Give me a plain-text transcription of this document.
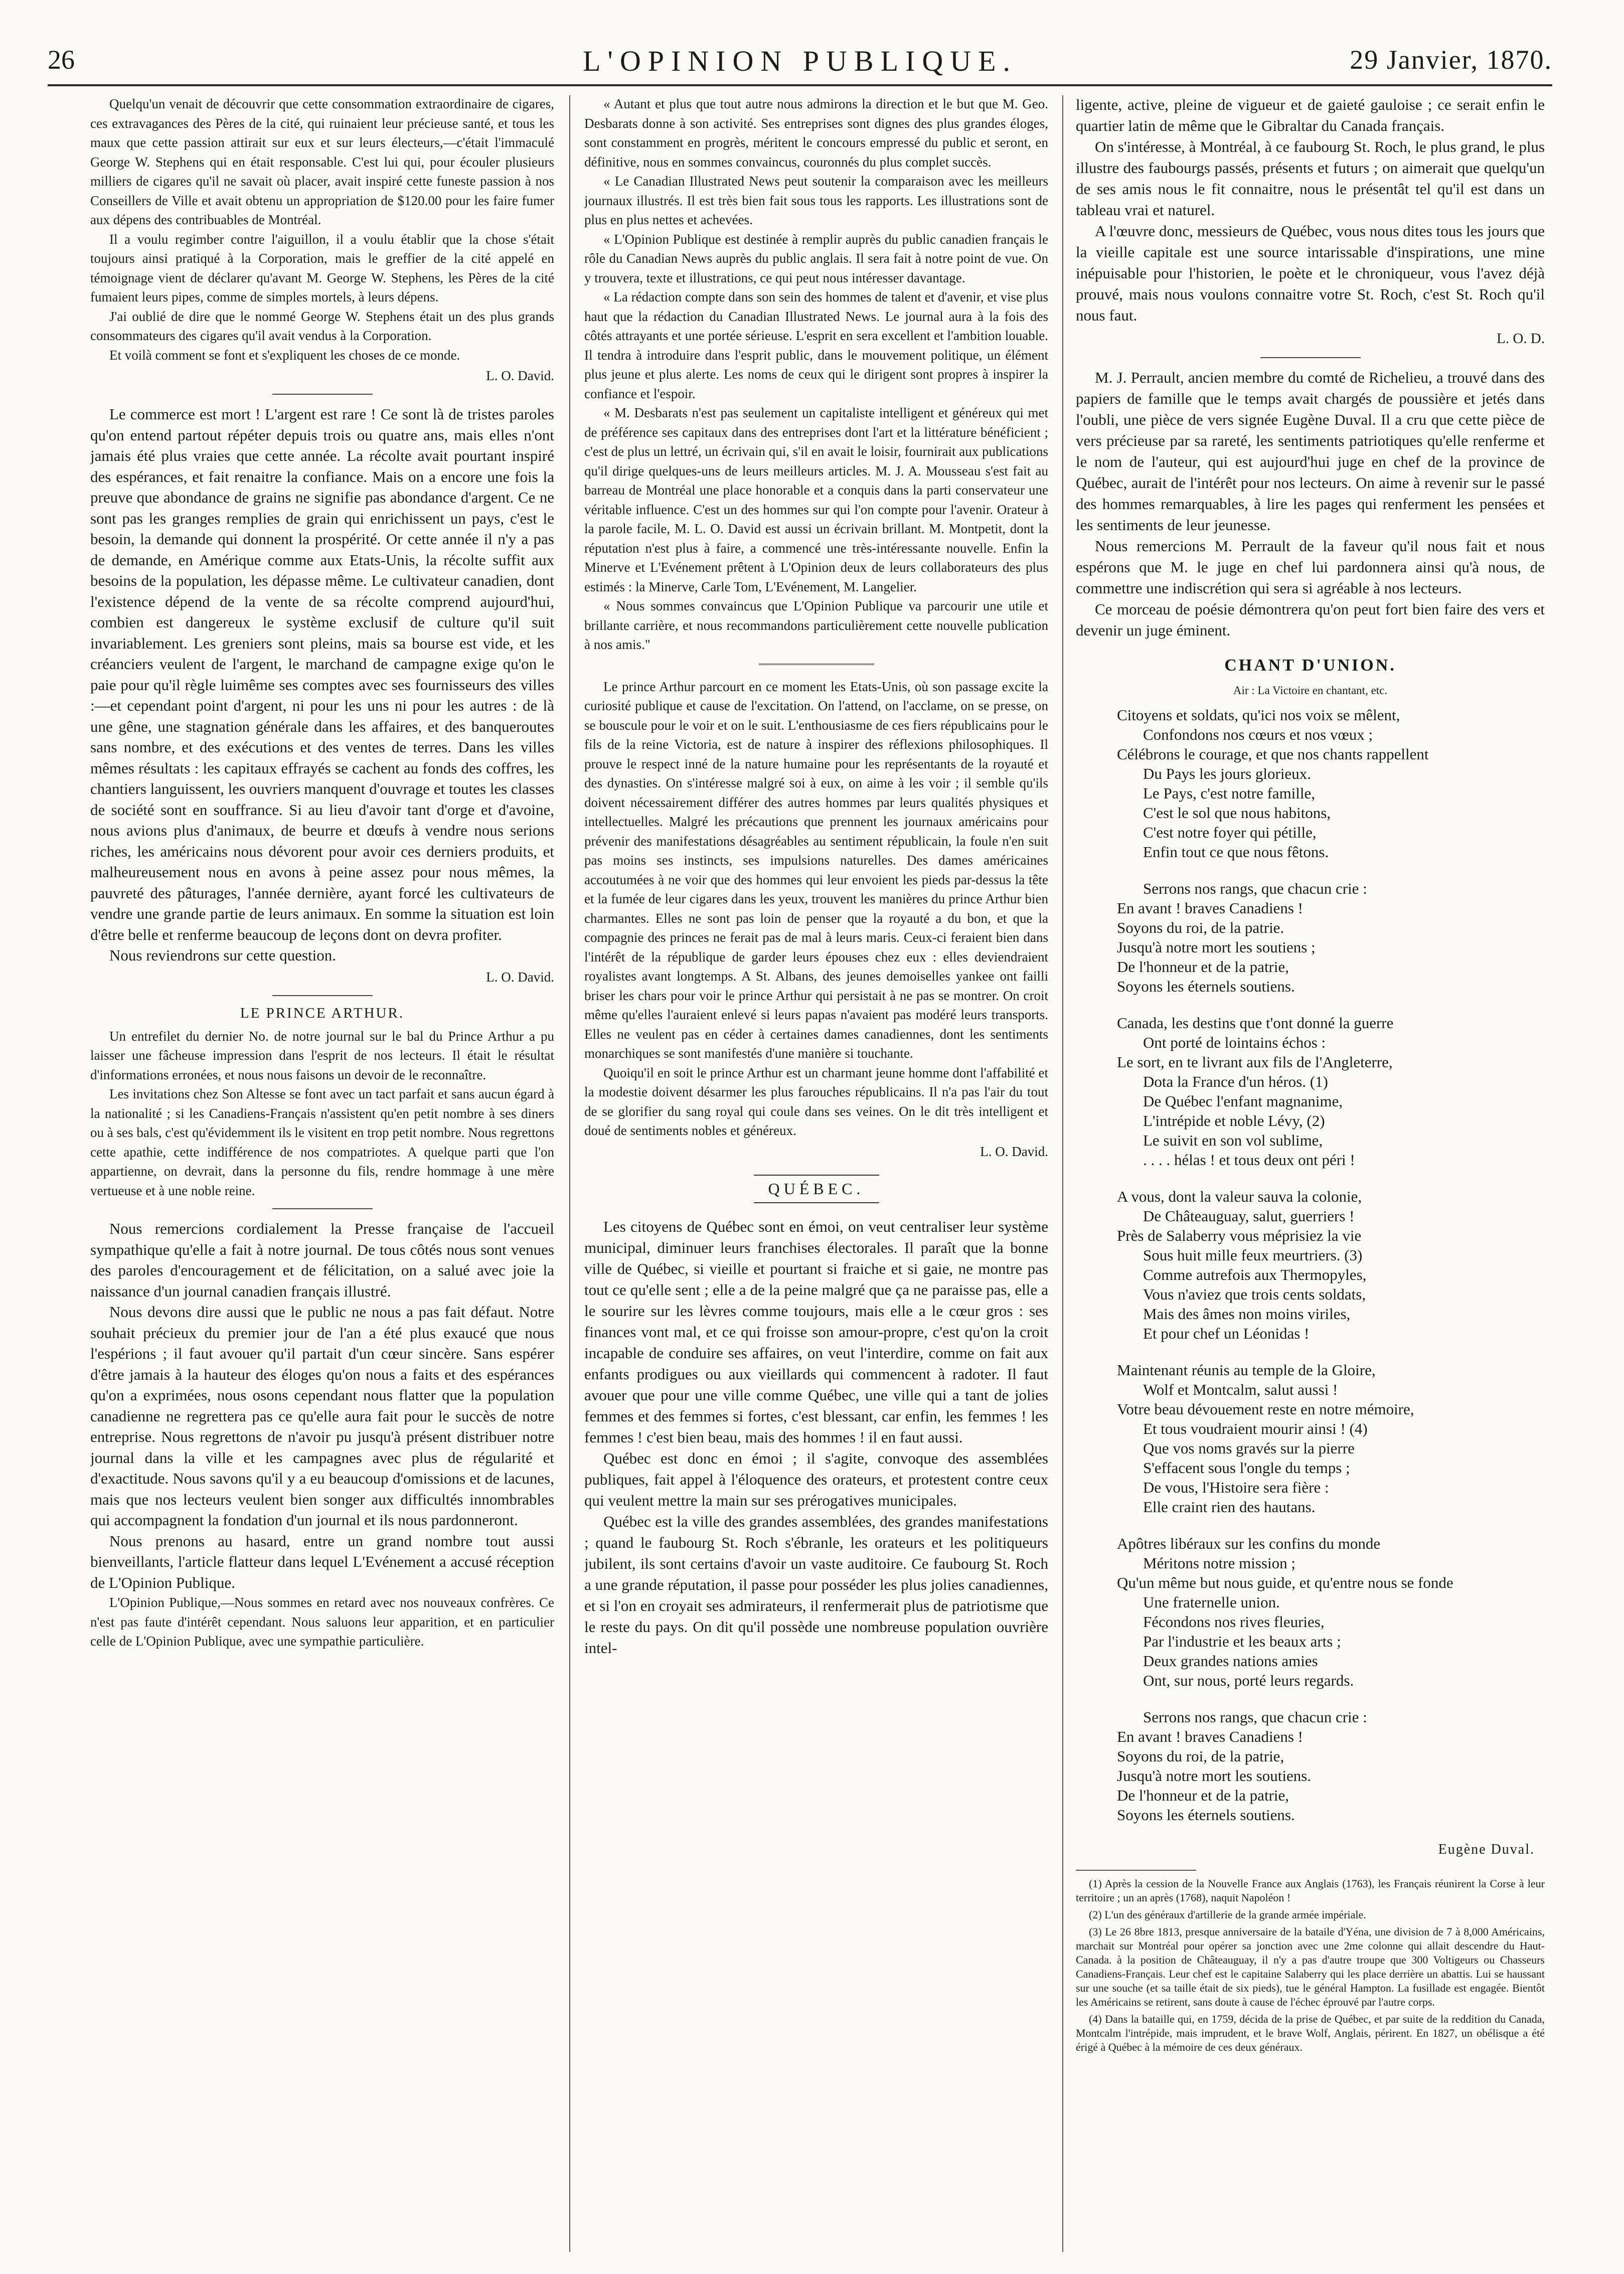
26	L'OPINION PUBLIQUE.	29 Janvier, 1870.

Quelqu'un venait de découvrir que cette consommation extraordinaire de cigares, ces extravagances des Pères de la cité, qui ruinaient leur précieuse santé, et tous les maux que cette passion attirait sur eux et sur leurs électeurs,—c'était l'immaculé George W. Stephens qui en était responsable. C'est lui qui, pour écouler plusieurs milliers de cigares qu'il ne savait où placer, avait inspiré cette funeste passion à nos Conseillers de Ville et avait obtenu un appropriation de $120.00 pour les faire fumer aux dépens des contribuables de Montréal.

Il a voulu regimber contre l'aiguillon, il a voulu établir que la chose s'était toujours ainsi pratiqué à la Corporation, mais le greffier de la cité appelé en témoignage vient de déclarer qu'avant M. George W. Stephens, les Pères de la cité fumaient leurs pipes, comme de simples mortels, à leurs dépens.

J'ai oublié de dire que le nommé George W. Stephens était un des plus grands consommateurs des cigares qu'il avait vendus à la Corporation.

Et voilà comment se font et s'expliquent les choses de ce monde.

L. O. David.

Le commerce est mort ! L'argent est rare ! Ce sont là de tristes paroles qu'on entend partout répéter depuis trois ou quatre ans, mais elles n'ont jamais été plus vraies que cette année. La récolte avait pourtant inspiré des espérances, et fait renaitre la confiance. Mais on a encore une fois la preuve que abondance de grains ne signifie pas abondance d'argent. Ce ne sont pas les granges remplies de grain qui enrichissent un pays, c'est le besoin, la demande qui donnent la prospérité. Or cette année il n'y a pas de demande, en Amérique comme aux Etats-Unis, la récolte suffit aux besoins de la population, les dépasse même. Le cultivateur canadien, dont l'existence dépend de la vente de sa récolte comprend aujourd'hui, combien est dangereux le système exclusif de culture qu'il suit invariablement. Les greniers sont pleins, mais sa bourse est vide, et les créanciers veulent de l'argent, le marchand de campagne exige qu'on le paie pour qu'il règle luimême ses comptes avec ses fournisseurs des villes :—et cependant point d'argent, ni pour les uns ni pour les autres : de là une gêne, une stagnation générale dans les affaires, et des banqueroutes sans nombre, et des exécutions et des ventes de terres. Dans les villes mêmes résultats : les capitaux effrayés se cachent au fonds des coffres, les chantiers languissent, les ouvriers manquent d'ouvrage et toutes les classes de société sont en souffrance. Si au lieu d'avoir tant d'orge et d'avoine, nous avions plus d'animaux, de beurre et dœufs à vendre nous serions riches, les américains nous dévorent pour avoir ces derniers produits, et malheureusement nous en avons à peine assez pour nous mêmes, la pauvreté des pâturages, l'année dernière, ayant forcé les cultivateurs de vendre une grande partie de leurs animaux. En somme la situation est loin d'être belle et renferme beaucoup de leçons dont on devra profiter.

Nous reviendrons sur cette question.

L. O. David.
LE PRINCE ARTHUR.

Un entrefilet du dernier No. de notre journal sur le bal du Prince Arthur a pu laisser une fâcheuse impression dans l'esprit de nos lecteurs. Il était le résultat d'informations erronées, et nous nous faisons un devoir de le reconnaître.

Les invitations chez Son Altesse se font avec un tact parfait et sans aucun égard à la nationalité ; si les Canadiens-Français n'assistent qu'en petit nombre à ses diners ou à ses bals, c'est qu'évidemment ils le visitent en trop petit nombre. Nous regrettons cette apathie, cette indifférence de nos compatriotes. A quelque parti que l'on appartienne, on devrait, dans la personne du fils, rendre hommage à une mère vertueuse et à une noble reine.

Nous remercions cordialement la Presse française de l'accueil sympathique qu'elle a fait à notre journal. De tous côtés nous sont venues des paroles d'encouragement et de félicitation, on a salué avec joie la naissance d'un journal canadien français illustré.

Nous devons dire aussi que le public ne nous a pas fait défaut. Notre souhait précieux du premier jour de l'an a été plus exaucé que nous l'espérions ; il faut avouer qu'il partait d'un cœur sincère. Sans espérer d'être jamais à la hauteur des éloges qu'on nous a faits et des espérances qu'on a exprimées, nous osons cependant nous flatter que la population canadienne ne regrettera pas ce qu'elle aura fait pour le succès de notre entreprise. Nous regrettons de n'avoir pu jusqu'à présent distribuer notre journal dans la ville et les campagnes avec plus de régularité et d'exactitude. Nous savons qu'il y a eu beaucoup d'omissions et de lacunes, mais que nos lecteurs veulent bien songer aux difficultés innombrables qui accompagnent la fondation d'un journal et ils nous pardonneront.

Nous prenons au hasard, entre un grand nombre tout aussi bienveillants, l'article flatteur dans lequel L'Evénement a accusé réception de L'Opinion Publique.

L'Opinion Publique,—Nous sommes en retard avec nos nouveaux confrères. Ce n'est pas faute d'intérêt cependant. Nous saluons leur apparition, et en particulier celle de L'Opinion Publique, avec une sympathie particulière.

« Autant et plus que tout autre nous admirons la direction et le but que M. Geo. Desbarats donne à son activité. Ses entreprises sont dignes des plus grandes éloges, sont constamment en progrès, méritent le concours empressé du public et seront, en définitive, nous en sommes convaincus, couronnés du plus complet succès.

« Le Canadian Illustrated News peut soutenir la comparaison avec les meilleurs journaux illustrés. Il est très bien fait sous tous les rapports. Les illustrations sont de plus en plus nettes et achevées.

« L'Opinion Publique est destinée à remplir auprès du public canadien français le rôle du Canadian News auprès du public anglais. Il sera fait à notre point de vue. On y trouvera, texte et illustrations, ce qui peut nous intéresser davantage.

« La rédaction compte dans son sein des hommes de talent et d'avenir, et vise plus haut que la rédaction du Canadian Illustrated News. Le journal aura à la fois des côtés attrayants et une portée sérieuse. L'esprit en sera excellent et l'ambition louable. Il tendra à introduire dans l'esprit public, dans le mouvement politique, un élément plus jeune et plus alerte. Les noms de ceux qui le dirigent sont propres à inspirer la confiance et l'espoir.

« M. Desbarats n'est pas seulement un capitaliste intelligent et généreux qui met de préférence ses capitaux dans des entreprises dont l'art et la littérature bénéficient ; c'est de plus un lettré, un écrivain qui, s'il en avait le loisir, fournirait aux publications qu'il dirige quelques-uns de leurs meilleurs articles. M. J. A. Mousseau s'est fait au barreau de Montréal une place honorable et a conquis dans la parti conservateur une véritable influence. C'est un des hommes sur qui l'on compte pour l'avenir. Orateur à la parole facile, M. L. O. David est aussi un écrivain brillant. M. Montpetit, dont la réputation n'est plus à faire, a commencé une très-intéressante nouvelle. Enfin la Minerve et L'Evénement prêtent à L'Opinion deux de leurs collaborateurs des plus estimés : la Minerve, Carle Tom, L'Evénement, M. Langelier.

« Nous sommes convaincus que L'Opinion Publique va parcourir une utile et brillante carrière, et nous recommandons particulièrement cette nouvelle publication à nos amis."

Le prince Arthur parcourt en ce moment les Etats-Unis, où son passage excite la curiosité publique et cause de l'excitation. On l'attend, on l'acclame, on se presse, on se bouscule pour le voir et on le suit. L'enthousiasme de ces fiers républicains pour le fils de la reine Victoria, est de nature à inspirer des réflexions philosophiques. Il prouve le respect inné de la nature humaine pour les représentants de la royauté et des dynasties. On s'intéresse malgré soi à eux, on aime à les voir ; il semble qu'ils doivent nécessairement différer des autres hommes par leurs qualités physiques et intellectuelles. Malgré les précautions que prennent les journaux américains pour prévenir des manifestations désagréables au sentiment républicain, la foule n'en suit pas moins ses instincts, ses impulsions naturelles. Des dames américaines accoutumées à ne voir que des hommes qui leur envoient les pieds par-dessus la tête et la fumée de leur cigares dans les yeux, trouvent les manières du prince Arthur bien charmantes. Elles ne sont pas loin de penser que la royauté a du bon, et que la compagnie des princes ne ferait pas de mal à leurs maris. Ceux-ci feraient bien dans l'intérêt de la république de garder leurs épouses chez eux : elles deviendraient royalistes avant longtemps. A St. Albans, des jeunes demoiselles yankee ont failli briser les chars pour voir le prince Arthur qui persistait à ne pas se montrer. On croit même qu'elles l'auraient enlevé si leurs papas n'avaient pas modéré leurs transports. Elles ne veulent pas en céder à certaines dames canadiennes, dont les sentiments monarchiques se sont manifestés d'une manière si touchante.

Quoiqu'il en soit le prince Arthur est un charmant jeune homme dont l'affabilité et la modestie doivent désarmer les plus farouches républicains. Il n'a pas l'air du tout de se glorifier du sang royal qui coule dans ses veines. On le dit très intelligent et doué de sentiments nobles et généreux.

L. O. David.
QUÉBEC.

Les citoyens de Québec sont en émoi, on veut centraliser leur système municipal, diminuer leurs franchises électorales. Il paraît que la bonne ville de Québec, si vieille et pourtant si fraiche et si gaie, ne montre pas tout ce qu'elle sent ; elle a de la peine malgré que ça ne paraisse pas, elle a le sourire sur les lèvres comme toujours, mais elle a le cœur gros : ses finances vont mal, et ce qui froisse son amour-propre, c'est qu'on la croit incapable de conduire ses affaires, on veut l'interdire, comme on fait aux enfants prodigues ou aux vieillards qui commencent à radoter. Il faut avouer que pour une ville comme Québec, une ville qui a tant de jolies femmes et des femmes si fortes, c'est blessant, car enfin, les femmes ! les femmes ! c'est bien beau, mais des hommes ! il en faut aussi.

Québec est donc en émoi ; il s'agite, convoque des assemblées publiques, fait appel à l'éloquence des orateurs, et protestent contre ceux qui veulent mettre la main sur ses prérogatives municipales.

Québec est la ville des grandes assemblées, des grandes manifestations ; quand le faubourg St. Roch s'ébranle, les orateurs et les politiqueurs jubilent, ils sont certains d'avoir un vaste auditoire. Ce faubourg St. Roch a une grande réputation, il passe pour posséder les plus jolies canadiennes, et si l'on en croyait ses admirateurs, il renfermerait plus de patriotisme que le reste du pays. On dit qu'il possède une nombreuse population ouvrière intel-

ligente, active, pleine de vigueur et de gaieté gauloise ; ce serait enfin le quartier latin de même que le Gibraltar du Canada français.

On s'intéresse, à Montréal, à ce faubourg St. Roch, le plus grand, le plus illustre des faubourgs passés, présents et futurs ; on aimerait que quelqu'un de ses amis nous le fit connaitre, nous le présentât tel qu'il est dans un tableau vrai et naturel.

A l'œuvre donc, messieurs de Québec, vous nous dites tous les jours que la vieille capitale est une source intarissable d'inspirations, une mine inépuisable pour l'historien, le poète et le chroniqueur, vous l'avez déjà prouvé, mais nous voulons connaitre votre St. Roch, c'est St. Roch qu'il nous faut.

L. O. D.

M. J. Perrault, ancien membre du comté de Richelieu, a trouvé dans des papiers de famille que le temps avait chargés de poussière et jetés dans l'oubli, une pièce de vers signée Eugène Duval. Il a cru que cette pièce de vers précieuse par sa rareté, les sentiments patriotiques qu'elle renferme et le nom de l'auteur, qui est aujourd'hui juge en chef de la province de Québec, aurait de l'intérêt pour nos lecteurs. On aime à revenir sur le passé des hommes remarquables, à lire les pages qui renferment les pensées et les sentiments de leur jeunesse.

Nous remercions M. Perrault de la faveur qu'il nous fait et nous espérons que M. le juge en chef lui pardonnera ainsi qu'à nous, de commettre une indiscrétion qui sera si agréable à nos lecteurs.

Ce morceau de poésie démontrera qu'on peut fort bien faire des vers et devenir un juge éminent.

CHANT D'UNION.
Air : La Victoire en chantant, etc.
Citoyens et soldats, qu'ici nos voix se mêlent,
Confondons nos cœurs et nos vœux ;
Célébrons le courage, et que nos chants rappellent
Du Pays les jours glorieux.
Le Pays, c'est notre famille,
C'est le sol que nous habitons,
C'est notre foyer qui pétille,
Enfin tout ce que nous fêtons.
Serrons nos rangs, que chacun crie :
En avant ! braves Canadiens !
Soyons du roi, de la patrie.
Jusqu'à notre mort les soutiens ;
De l'honneur et de la patrie,
Soyons les éternels soutiens.
Canada, les destins que t'ont donné la guerre
Ont porté de lointains échos :
Le sort, en te livrant aux fils de l'Angleterre,
Dota la France d'un héros. (1)
De Québec l'enfant magnanime,
L'intrépide et noble Lévy, (2)
Le suivit en son vol sublime,
. . . . hélas ! et tous deux ont péri !
A vous, dont la valeur sauva la colonie,
De Châteauguay, salut, guerriers !
Près de Salaberry vous méprisiez la vie
Sous huit mille feux meurtriers. (3)
Comme autrefois aux Thermopyles,
Vous n'aviez que trois cents soldats,
Mais des âmes non moins viriles,
Et pour chef un Léonidas !
Maintenant réunis au temple de la Gloire,
Wolf et Montcalm, salut aussi !
Votre beau dévouement reste en notre mémoire,
Et tous voudraient mourir ainsi ! (4)
Que vos noms gravés sur la pierre
S'effacent sous l'ongle du temps ;
De vous, l'Histoire sera fière :
Elle craint rien des hautans.
Apôtres libéraux sur les confins du monde
Méritons notre mission ;
Qu'un même but nous guide, et qu'entre nous se fonde
Une fraternelle union.
Fécondons nos rives fleuries,
Par l'industrie et les beaux arts ;
Deux grandes nations amies
Ont, sur nous, porté leurs regards.
Serrons nos rangs, que chacun crie :
En avant ! braves Canadiens !
Soyons du roi, de la patrie,
Jusqu'à notre mort les soutiens.
De l'honneur et de la patrie,
Soyons les éternels soutiens.
Eugène Duval.

(1) Après la cession de la Nouvelle France aux Anglais (1763), les Français réunirent la Corse à leur territoire ; un an après (1768), naquit Napoléon !

(2) L'un des généraux d'artillerie de la grande armée impériale.

(3) Le 26 8bre 1813, presque anniversaire de la bataile d'Yéna, une division de 7 à 8,000 Américains, marchait sur Montréal pour opérer sa jonction avec une 2me colonne qui allait descendre du Haut-Canada. à la position de Châteauguay, il n'y a pas d'autre troupe que 300 Voltigeurs ou Chasseurs Canadiens-Français. Leur chef est le capitaine Salaberry qui les place derrière un abattis. Lui se haussant sur une souche (et sa taille était de six pieds), tue le général Hampton. La fusillade est engagée. Bientôt les Américains se retirent, sans doute à cause de l'échec éprouvé par l'autre corps.

(4) Dans la bataille qui, en 1759, décida de la prise de Québec, et par suite de la reddition du Canada, Montcalm l'intrépide, mais imprudent, et le brave Wolf, Anglais, périrent. En 1827, un obélisque a été érigé à Québec à la mémoire de ces deux généraux.
